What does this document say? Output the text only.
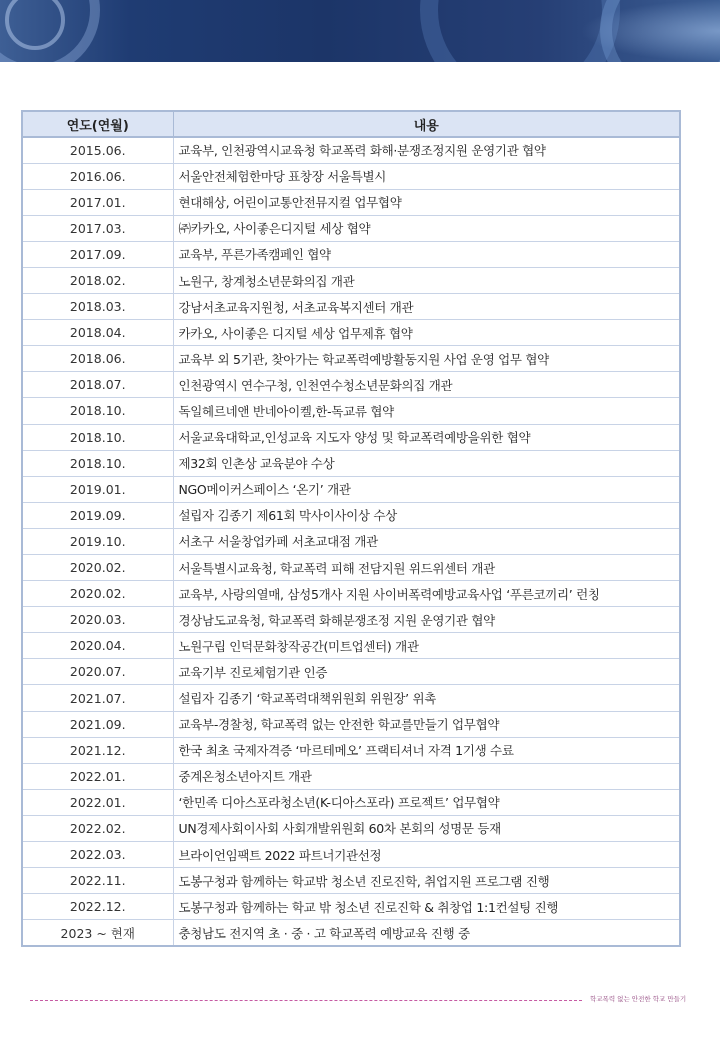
연도(연월)	내용
2015.06.	교육부, 인천광역시교육청 학교폭력 화해·분쟁조정지원 운영기관 협약
2016.06.	서울안전체험한마당 표창장 서울특별시
2017.01.	현대해상, 어린이교통안전뮤지컬 업무협약
2017.03.	㈜카카오, 사이좋은디지털 세상 협약
2017.09.	교육부, 푸른가족캠페인 협약
2018.02.	노원구, 창계청소년문화의집 개관
2018.03.	강남서초교육지원청, 서초교육복지센터 개관
2018.04.	카카오, 사이좋은 디지털 세상 업무제휴 협약
2018.06.	교육부 외 5기관, 찾아가는 학교폭력예방활동지원 사업 운영 업무 협약
2018.07.	인천광역시 연수구청, 인천연수청소년문화의집 개관
2018.10.	독일헤르네앤 반네아이켈,한-독교류 협약
2018.10.	서울교육대학교,인성교육 지도자 양성 및 학교폭력예방을위한 협약
2018.10.	제32회 인촌상 교육분야 수상
2019.01.	NGO메이커스페이스 ‘온기’ 개관
2019.09.	설립자 김종기 제61회 막사이사이상 수상
2019.10.	서초구 서울창업카페 서초교대점 개관
2020.02.	서울특별시교육청, 학교폭력 피해 전담지원 위드위센터 개관
2020.02.	교육부, 사랑의열매, 삼성5개사 지원 사이버폭력예방교육사업 ‘푸른코끼리’ 런칭
2020.03.	경상남도교육청, 학교폭력 화해분쟁조정 지원 운영기관 협약
2020.04.	노원구립 인덕문화창작공간(미트업센터) 개관
2020.07.	교육기부 진로체험기관 인증
2021.07.	설립자 김종기 ‘학교폭력대책위원회 위원장’ 위촉
2021.09.	교육부-경찰청, 학교폭력 없는 안전한 학교를만들기 업무협약
2021.12.	한국 최초 국제자격증 ‘마르테메오’ 프랙티셔너 자격 1기생 수료
2022.01.	중계온청소년아지트 개관
2022.01.	‘한민족 디아스포라청소년(K-디아스포라) 프로젝트’ 업무협약
2022.02.	UN경제사회이사회 사회개발위원회 60차 본회의 성명문 등재
2022.03.	브라이언임팩트 2022 파트너기관선정
2022.11.	도봉구청과 함께하는 학교밖 청소년 진로진학, 취업지원 프로그램 진행
2022.12.	도봉구청과 함께하는 학교 밖 청소년 진로진학 & 취창업 1:1컨설팅 진행
2023 ~ 현재	충청남도 전지역 초 · 중 · 고 학교폭력 예방교육 진행 중
학교폭력 없는 안전한 학교 만들기
